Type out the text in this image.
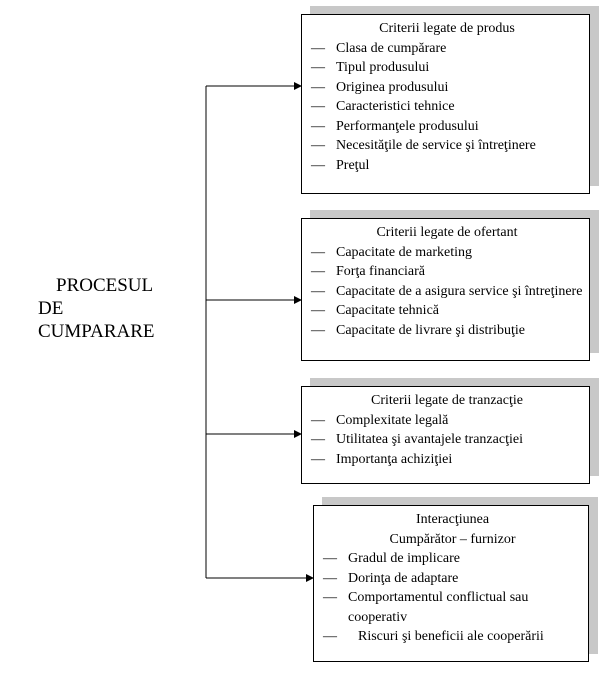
PROCESUL
DE
CUMPARARE
Criterii legate de produs
— Clasa de cumpărare
— Tipul produsului
— Originea produsului
— Caracteristici tehnice
— Performanţele produsului
— Necesităţile de service şi întreţinere
— Preţul
Criterii legate de ofertant
— Capacitate de marketing
— Forţa financiară
— Capacitate de a asigura service şi întreţinere
— Capacitate tehnică
— Capacitate de livrare şi distribuţie
Criterii legate de tranzacţie
— Complexitate legală
— Utilitatea şi avantajele tranzacţiei
— Importanţa achiziţiei
Interacţiunea
Cumpărător – furnizor
— Gradul de implicare
— Dorinţa de adaptare
— Comportamentul conflictual sau cooperativ
—	Riscuri şi beneficii ale cooperării
